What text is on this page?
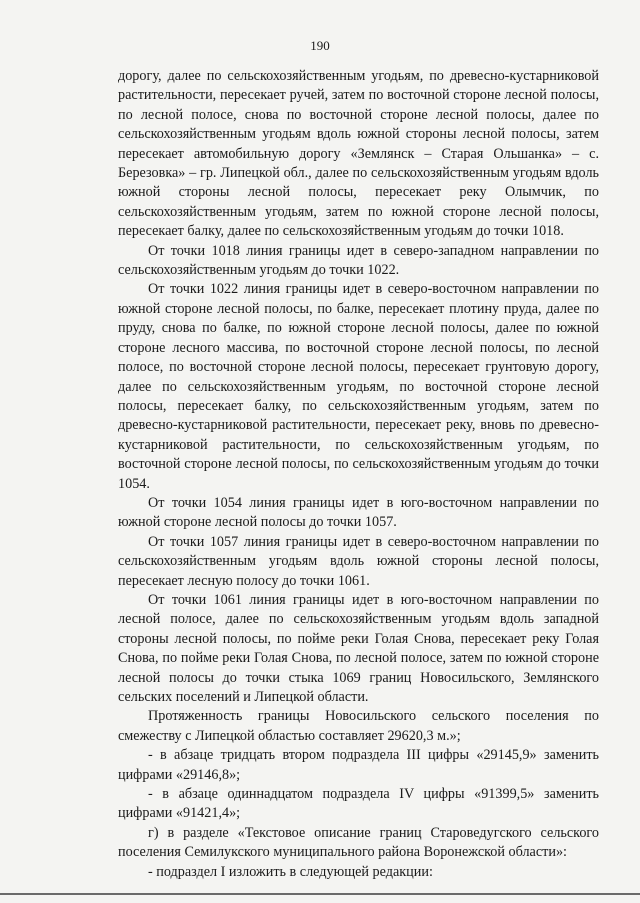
190

дорогу, далее по сельскохозяйственным угодьям, по древесно-кустарниковой растительности, пересекает ручей, затем по восточной стороне лесной полосы, по лесной полосе, снова по восточной стороне лесной полосы, далее по сельскохозяйственным угодьям вдоль южной стороны лесной полосы, затем пересекает автомобильную дорогу «Землянск – Старая Ольшанка» – с. Березовка» – гр. Липецкой обл., далее по сельскохозяйственным угодьям вдоль южной стороны лесной полосы, пересекает реку Олымчик, по сельскохозяйственным угодьям, затем по южной стороне лесной полосы, пересекает балку, далее по сельскохозяйственным угодьям до точки 1018.

От точки 1018 линия границы идет в северо-западном направлении по сельскохозяйственным угодьям до точки 1022.

От точки 1022 линия границы идет в северо-восточном направлении по южной стороне лесной полосы, по балке, пересекает плотину пруда, далее по пруду, снова по балке, по южной стороне лесной полосы, далее по южной стороне лесного массива, по восточной стороне лесной полосы, по лесной полосе, по восточной стороне лесной полосы, пересекает грунтовую дорогу, далее по сельскохозяйственным угодьям, по восточной стороне лесной полосы, пересекает балку, по сельскохозяйственным угодьям, затем по древесно-кустарниковой растительности, пересекает реку, вновь по древесно-кустарниковой растительности, по сельскохозяйственным угодьям, по восточной стороне лесной полосы, по сельскохозяйственным угодьям до точки 1054.

От точки 1054 линия границы идет в юго-восточном направлении по южной стороне лесной полосы до точки 1057.

От точки 1057 линия границы идет в северо-восточном направлении по сельскохозяйственным угодьям вдоль южной стороны лесной полосы, пересекает лесную полосу до точки 1061.

От точки 1061 линия границы идет в юго-восточном направлении по лесной полосе, далее по сельскохозяйственным угодьям вдоль западной стороны лесной полосы, по пойме реки Голая Снова, пересекает реку Голая Снова, по пойме реки Голая Снова, по лесной полосе, затем по южной стороне лесной полосы до точки стыка 1069 границ Новосильского, Землянского сельских поселений и Липецкой области.

Протяженность границы Новосильского сельского поселения по смежеству с Липецкой областью составляет 29620,3 м.»;

- в абзаце тридцать втором подраздела III цифры «29145,9» заменить цифрами «29146,8»;

- в абзаце одиннадцатом подраздела IV цифры «91399,5» заменить цифрами «91421,4»;

г) в разделе «Текстовое описание границ Староведугского сельского поселения Семилукского муниципального района Воронежской области»:

- подраздел I изложить в следующей редакции:
